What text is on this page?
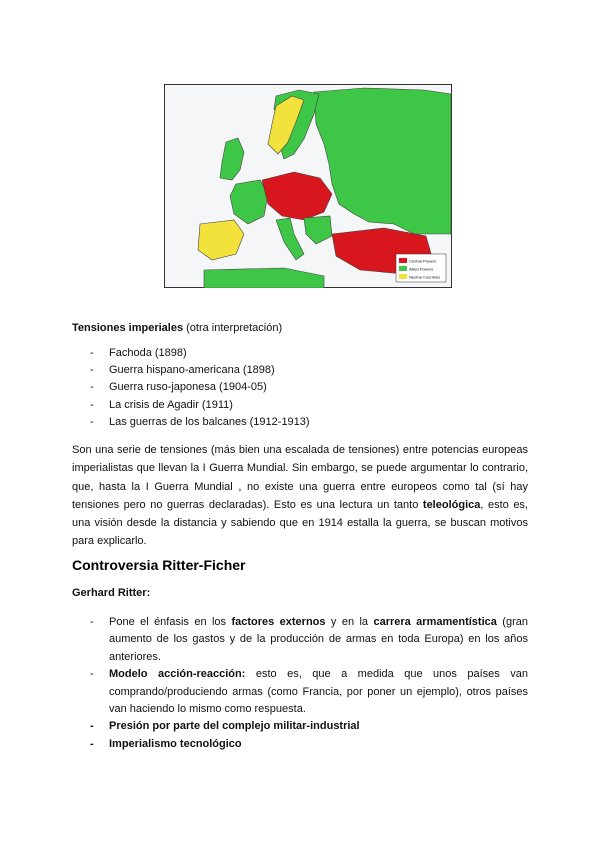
Central Powers
Allied Powers
Neutral Countries
Tensiones imperiales (otra interpretación)
- Fachoda (1898)
- Guerra hispano-americana (1898)
- Guerra ruso-japonesa (1904-05)
- La crisis de Agadir (1911)
- Las guerras de los balcanes (1912-1913)

Son una serie de tensiones (más bien una escalada de tensiones) entre potencias europeas imperialistas que llevan la I Guerra Mundial. Sin embargo, se puede argumentar lo contrario, que, hasta la I Guerra Mundial , no existe una guerra entre europeos como tal (sí hay tensiones pero no guerras declaradas). Esto es una lectura un tanto teleológica, esto es, una visión desde la distancia y sabiendo que en 1914 estalla la guerra, se buscan motivos para explicarlo.

Controversia Ritter-Ficher
Gerhard Ritter:
- Pone el énfasis en los factores externos y en la carrera armamentística (gran aumento de los gastos y de la producción de armas en toda Europa) en los años anteriores.
- Modelo acción-reacción: esto es, que a medida que unos países van comprando/produciendo armas (como Francia, por poner un ejemplo), otros países van haciendo lo mismo como respuesta.
- Presión por parte del complejo militar-industrial
- Imperialismo tecnológico
